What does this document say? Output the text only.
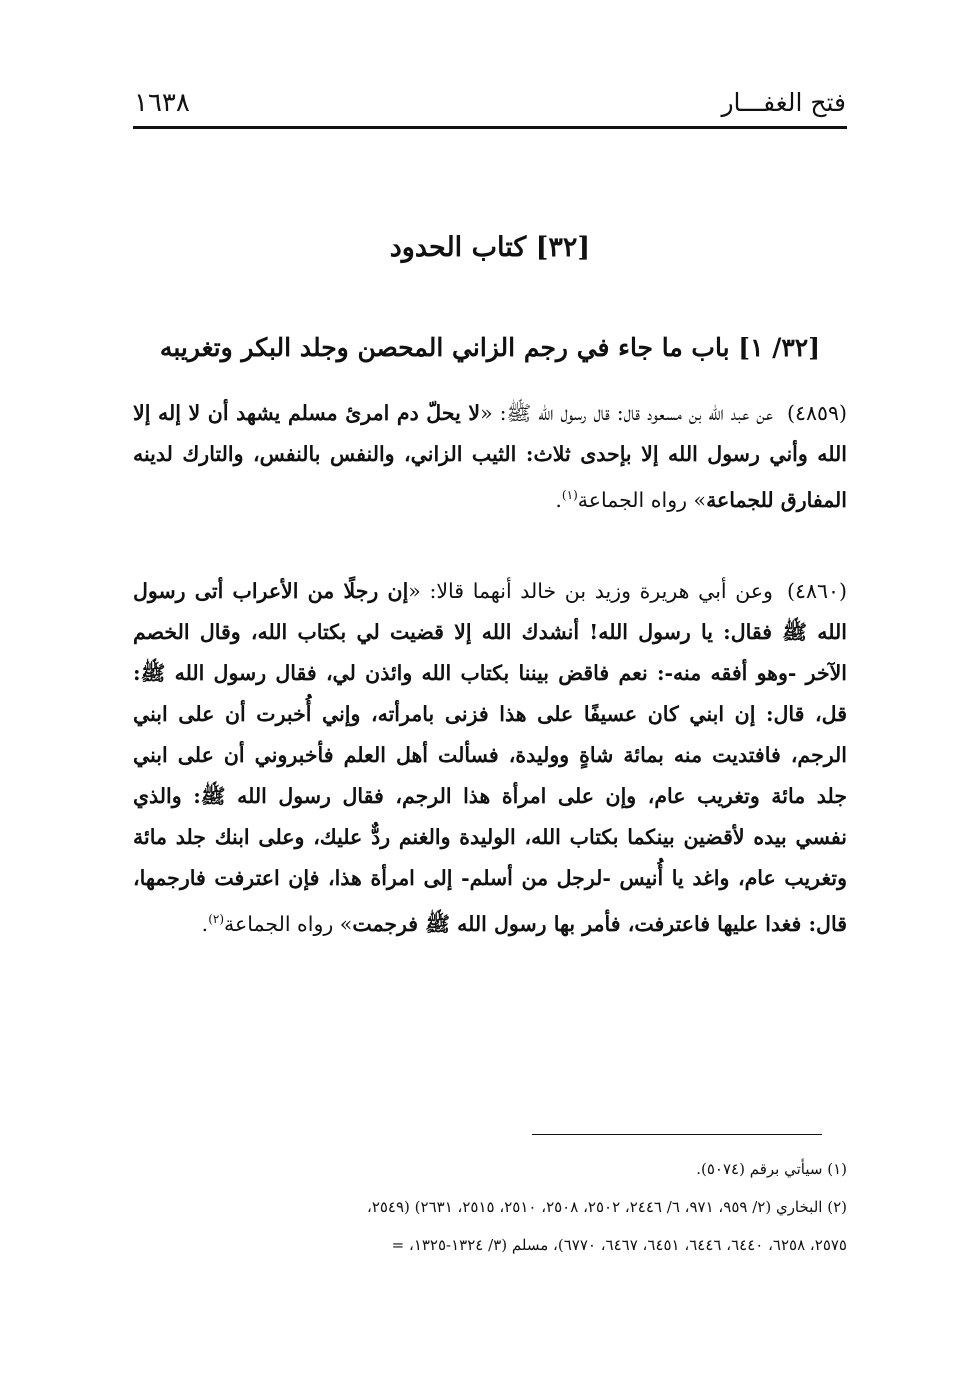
١٦٣٨	فتح الغفـــار
[٣٢] كتاب الحدود
[٣٢/ ١] باب ما جاء في رجم الزاني المحصن وجلد البكر وتغريبه

(٤٨٥٩)عن عبد الله بن مسعود قال: قال رسول الله ﷺ: «لا يحلّ دم امرئ مسلم يشهد أن لا إله إلا الله وأني رسول الله إلا بإحدى ثلاث: الثيب الزاني، والنفس بالنفس، والتارك لدينه المفارق للجماعة» رواه الجماعة$^{(١)}$.

(٤٨٦٠)وعن أبي هريرة وزيد بن خالد أنهما قالا: «إن رجلًا من الأعراب أتى رسول الله ﷺ فقال: يا رسول الله! أنشدك الله إلا قضيت لي بكتاب الله، وقال الخصم الآخر -وهو أفقه منه-: نعم فاقض بيننا بكتاب الله وائذن لي، فقال رسول الله ﷺ: قل، قال: إن ابني كان عسيفًا على هذا فزنى بامرأته، وإني أُخبرت أن على ابني الرجم، فافتديت منه بمائة شاةٍ ووليدة، فسألت أهل العلم فأخبروني أن على ابني جلد مائة وتغريب عام، وإن على امرأة هذا الرجم، فقال رسول الله ﷺ: والذي نفسي بيده لأقضين بينكما بكتاب الله، الوليدة والغنم ردٌّ عليك، وعلى ابنك جلد مائة وتغريب عام، واغد يا أُنيس -لرجل من أسلم- إلى امرأة هذا، فإن اعترفت فارجمها، قال: فغدا عليها فاعترفت، فأمر بها رسول الله ﷺ فرجمت» رواه الجماعة$^{(٢)}$.

(١) سيأتي برقم (٥٠٧٤).
(٢) البخاري (٢/ ٩٥٩، ٩٧١، ٦/ ٢٤٤٦، ٢٥٠٢، ٢٥٠٨، ٢٥١٠، ٢٥١٥، ٢٦٣١) (٢٥٤٩،
٢٥٧٥، ٦٢٥٨، ٦٤٤٠، ٦٤٤٦، ٦٤٥١، ٦٤٦٧، ٦٧٧٠)، مسلم (٣/ ١٣٢٤-١٣٢٥، =
